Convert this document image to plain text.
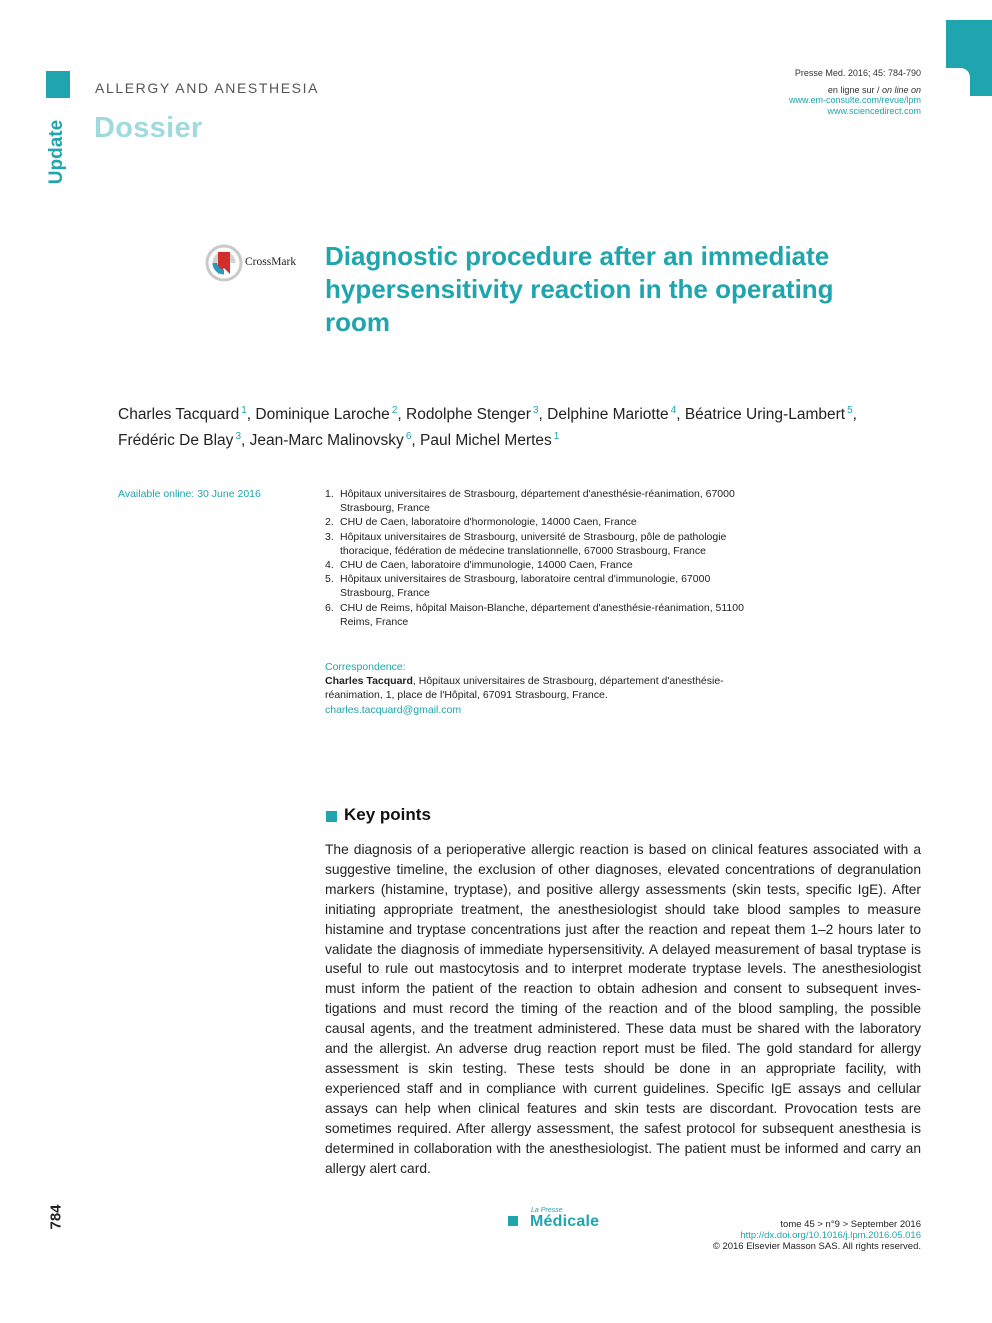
ALLERGY AND ANESTHESIA
Dossier
Update
Presse Med. 2016; 45: 784-790
en ligne sur / on line on
www.em-consulte.com/revue/lpm
www.sciencedirect.com
CrossMark Diagnostic procedure after an immediate hypersensitivity reaction in the operating room
Charles Tacquard $^1$, Dominique Laroche $^2$, Rodolphe Stenger $^3$, Delphine Mariotte $^4$, Béatrice Uring-Lambert $^5$,
Frédéric De Blay $^3$, Jean-Marc Malinovsky $^6$, Paul Michel Mertes $^1$
Available online: 30 June 2016	1. Hôpitaux universitaires de Strasbourg, département d'anesthésie-réanimation, 67000 Strasbourg, France
2. CHU de Caen, laboratoire d'hormonologie, 14000 Caen, France
3. Hôpitaux universitaires de Strasbourg, université de Strasbourg, pôle de pathologie thoracique, fédération de médecine translationnelle, 67000 Strasbourg, France
4. CHU de Caen, laboratoire d'immunologie, 14000 Caen, France
5. Hôpitaux universitaires de Strasbourg, laboratoire central d'immunologie, 67000 Strasbourg, France
6. CHU de Reims, hôpital Maison-Blanche, département d'anesthésie-réanimation, 51100 Reims, France
Correspondence:
Charles Tacquard, Hôpitaux universitaires de Strasbourg, département d'anesthésie-réanimation, 1, place de l'Hôpital, 67091 Strasbourg, France.
charles.tacquard@gmail.com
Key points
The diagnosis of a perioperative allergic reaction is based on clinical features associated with a suggestive timeline, the exclusion of other diagnoses, elevated concentrations of degranulation markers (histamine, tryptase), and positive allergy assessments (skin tests, specific IgE). After initiating appropriate treatment, the anesthesiologist should take blood samples to measure histamine and tryptase concentrations just after the reaction and repeat them 1–2 hours later to validate the diagnosis of immediate hypersensitivity. A delayed measurement of basal tryptase is useful to rule out mastocytosis and to interpret moderate tryptase levels. The anesthesiologist must inform the patient of the reaction to obtain adhesion and consent to subsequent investigations and must record the timing of the reaction and of the blood sampling, the possible causal agents, and the treatment administered. These data must be shared with the laboratory and the allergist. An adverse drug reaction report must be filed. The gold standard for allergy assessment is skin testing. These tests should be done in an appropriate facility, with experienced staff and in compliance with current guidelines. Specific IgE assays and cellular assays can help when clinical features and skin tests are discordant. Provocation tests are sometimes required. After allergy assessment, the safest protocol for subsequent anesthesia is determined in collaboration with the anesthesiologist. The patient must be informed and carry an allergy alert card.
784	La Presse
Médicale	tome 45 > n°9 > September 2016
http://dx.doi.org/10.1016/j.lpm.2016.05.016
© 2016 Elsevier Masson SAS. All rights reserved.
